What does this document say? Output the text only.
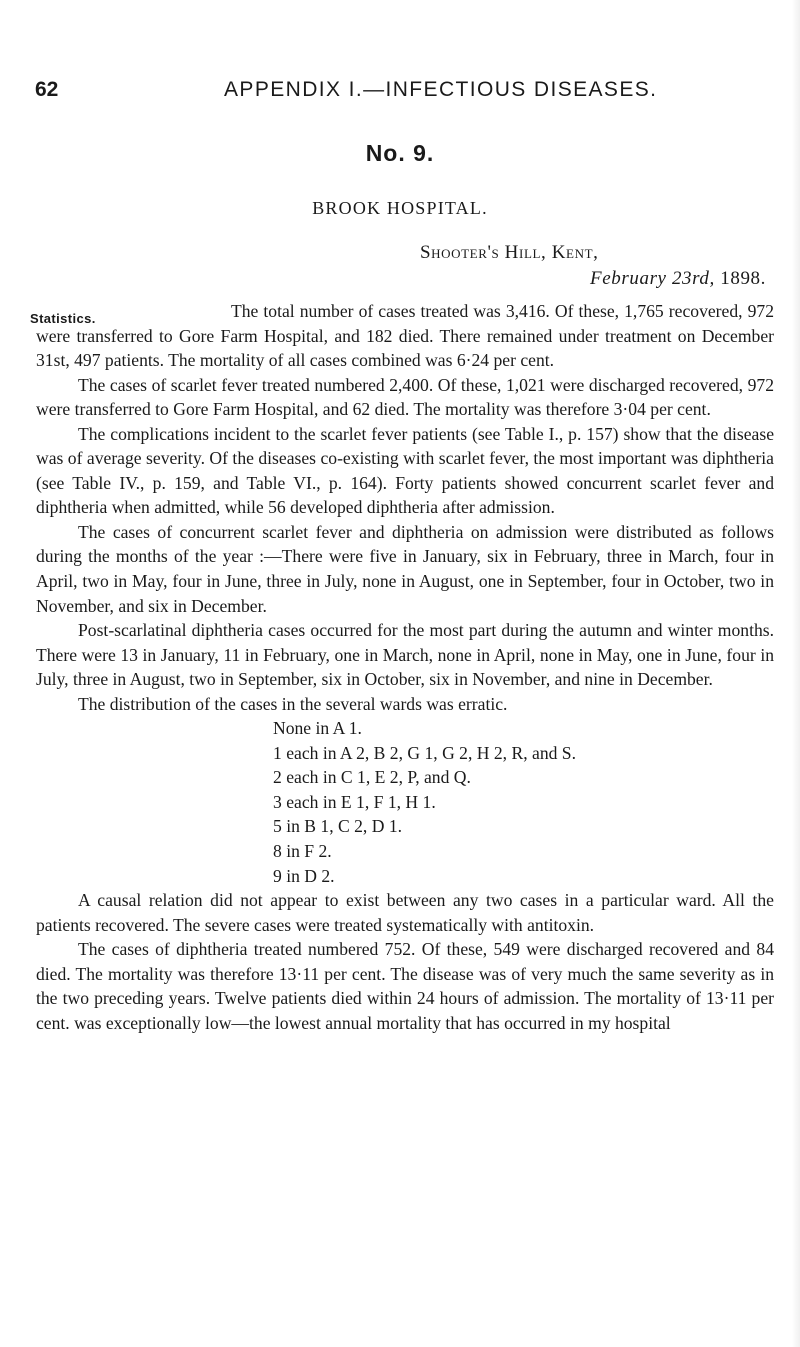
62	APPENDIX I.—INFECTIOUS DISEASES.
No. 9.
BROOK HOSPITAL.
Shooter's Hill, Kent,
February 23rd, 1898.
Statistics.	The total number of cases treated was 3,416. Of these, 1,765 recovered, 972 were transferred to Gore Farm Hospital, and 182 died. There remained under treatment on December 31st, 497 patients. The mortality of all cases combined was 6·24 per cent.

The cases of scarlet fever treated numbered 2,400. Of these, 1,021 were discharged recovered, 972 were transferred to Gore Farm Hospital, and 62 died. The mortality was therefore 3·04 per cent.

The complications incident to the scarlet fever patients (see Table I., p. 157) show that the disease was of average severity. Of the diseases co-existing with scarlet fever, the most important was diphtheria (see Table IV., p. 159, and Table VI., p. 164). Forty patients showed concurrent scarlet fever and diphtheria when admitted, while 56 developed diphtheria after admission.

The cases of concurrent scarlet fever and diphtheria on admission were distributed as follows during the months of the year :—There were five in January, six in February, three in March, four in April, two in May, four in June, three in July, none in August, one in September, four in October, two in November, and six in December.

Post-scarlatinal diphtheria cases occurred for the most part during the autumn and winter months. There were 13 in January, 11 in February, one in March, none in April, none in May, one in June, four in July, three in August, two in September, six in October, six in November, and nine in December.

The distribution of the cases in the several wards was erratic.

None in A 1.
1 each in A 2, B 2, G 1, G 2, H 2, R, and S.
2 each in C 1, E 2, P, and Q.
3 each in E 1, F 1, H 1.
5 in B 1, C 2, D 1.
8 in F 2.
9 in D 2.

A causal relation did not appear to exist between any two cases in a particular ward. All the patients recovered. The severe cases were treated systematically with antitoxin.

The cases of diphtheria treated numbered 752. Of these, 549 were discharged recovered and 84 died. The mortality was therefore 13·11 per cent. The disease was of very much the same severity as in the two preceding years. Twelve patients died within 24 hours of admission. The mortality of 13·11 per cent. was exceptionally low—the lowest annual mortality that has occurred in my hospital
